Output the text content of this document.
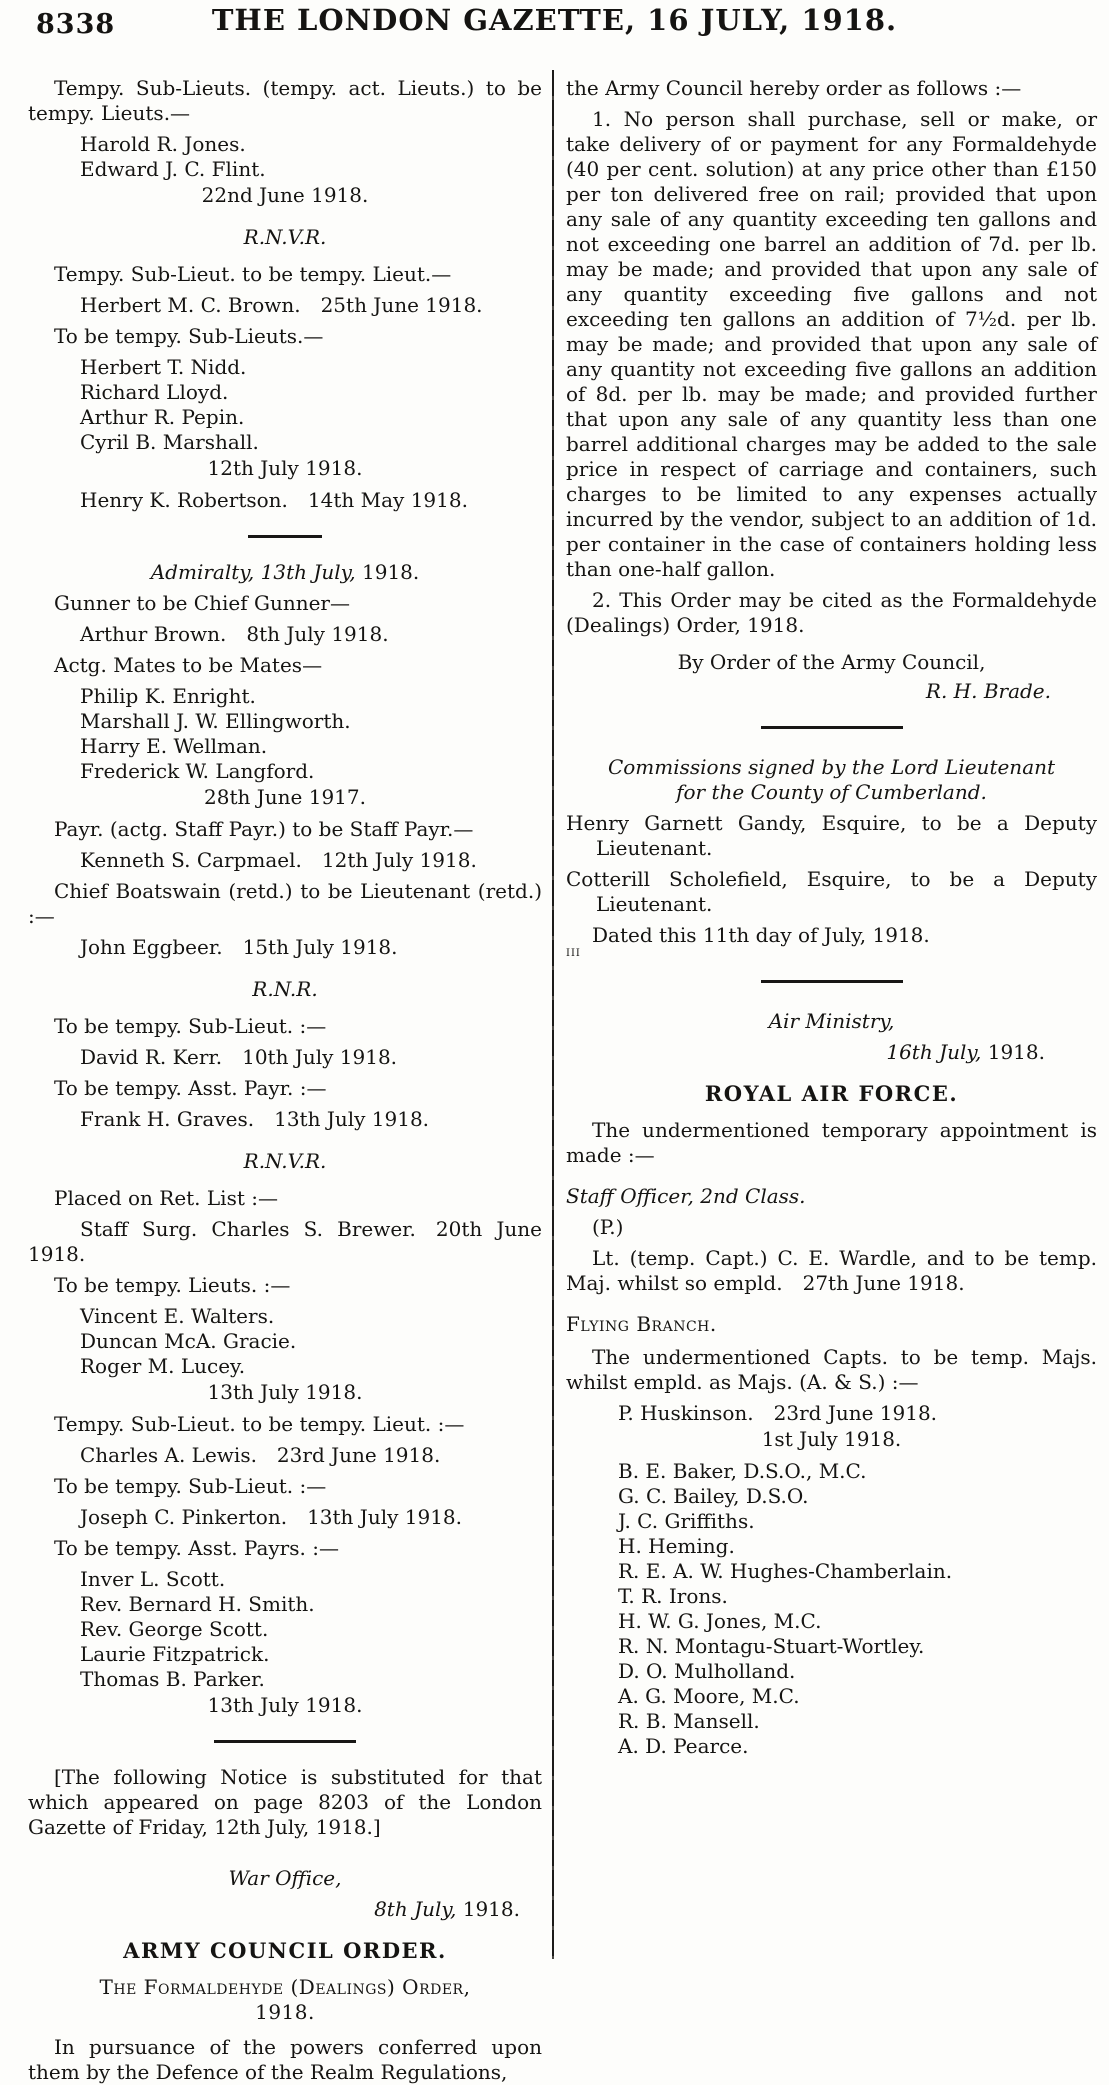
8338	THE LONDON GAZETTE, 16 JULY, 1918.
Tempy. Sub-Lieuts. (tempy. act. Lieuts.) to be tempy. Lieuts.—
Harold R. Jones.
Edward J. C. Flint.
22nd June 1918.
R.N.V.R.
Tempy. Sub-Lieut. to be tempy. Lieut.—
Herbert M. C. Brown. 25th June 1918.
To be tempy. Sub-Lieuts.—
Herbert T. Nidd.
Richard Lloyd.
Arthur R. Pepin.
Cyril B. Marshall.
12th July 1918.
Henry K. Robertson. 14th May 1918.
Admiralty, 13th July, 1918.
Gunner to be Chief Gunner—
Arthur Brown. 8th July 1918.
Actg. Mates to be Mates—
Philip K. Enright.
Marshall J. W. Ellingworth.
Harry E. Wellman.
Frederick W. Langford.
28th June 1917.
Payr. (actg. Staff Payr.) to be Staff Payr.—
Kenneth S. Carpmael. 12th July 1918.
Chief Boatswain (retd.) to be Lieutenant (retd.) :—
John Eggbeer. 15th July 1918.
R.N.R.
To be tempy. Sub-Lieut. :—
David R. Kerr. 10th July 1918.
To be tempy. Asst. Payr. :—
Frank H. Graves. 13th July 1918.
R.N.V.R.
Placed on Ret. List :—
Staff Surg. Charles S. Brewer. 20th June 1918.
To be tempy. Lieuts. :—
Vincent E. Walters.
Duncan McA. Gracie.
Roger M. Lucey.
13th July 1918.
Tempy. Sub-Lieut. to be tempy. Lieut. :—
Charles A. Lewis. 23rd June 1918.
To be tempy. Sub-Lieut. :—
Joseph C. Pinkerton. 13th July 1918.
To be tempy. Asst. Payrs. :—
Inver L. Scott.
Rev. Bernard H. Smith.
Rev. George Scott.
Laurie Fitzpatrick.
Thomas B. Parker.
13th July 1918.
[The following Notice is substituted for that which appeared on page 8203 of the London Gazette of Friday, 12th July, 1918.]
War Office,
8th July, 1918.
ARMY COUNCIL ORDER.
The Formaldehyde (Dealings) Order,
1918.
In pursuance of the powers conferred upon them by the Defence of the Realm Regulations,
the Army Council hereby order as follows :—
1. No person shall purchase, sell or make, or take delivery of or payment for any Formaldehyde (40 per cent. solution) at any price other than £150 per ton delivered free on rail; provided that upon any sale of any quantity exceeding ten gallons and not exceeding one barrel an addition of 7d. per lb. may be made; and provided that upon any sale of any quantity exceeding five gallons and not exceeding ten gallons an addition of 7½d. per lb. may be made; and provided that upon any sale of any quantity not exceeding five gallons an addition of 8d. per lb. may be made; and provided further that upon any sale of any quantity less than one barrel additional charges may be added to the sale price in respect of carriage and containers, such charges to be limited to any expenses actually incurred by the vendor, subject to an addition of 1d. per container in the case of containers holding less than one-half gallon.
2. This Order may be cited as the Formaldehyde (Dealings) Order, 1918.
By Order of the Army Council,
R. H. Brade.
Commissions signed by the Lord Lieutenant
for the County of Cumberland.
Henry Garnett Gandy, Esquire, to be a Deputy Lieutenant.
Cotterill Scholefield, Esquire, to be a Deputy Lieutenant.
Dated this 11th day of July, 1918.
III
Air Ministry,
16th July, 1918.
ROYAL AIR FORCE.
The undermentioned temporary appointment is made :—
Staff Officer, 2nd Class.
(P.)
Lt. (temp. Capt.) C. E. Wardle, and to be temp. Maj. whilst so empld. 27th June 1918.
Flying Branch.
The undermentioned Capts. to be temp. Majs. whilst empld. as Majs. (A. & S.) :—
P. Huskinson. 23rd June 1918.
1st July 1918.
B. E. Baker, D.S.O., M.C.
G. C. Bailey, D.S.O.
J. C. Griffiths.
H. Heming.
R. E. A. W. Hughes-Chamberlain.
T. R. Irons.
H. W. G. Jones, M.C.
R. N. Montagu-Stuart-Wortley.
D. O. Mulholland.
A. G. Moore, M.C.
R. B. Mansell.
A. D. Pearce.
